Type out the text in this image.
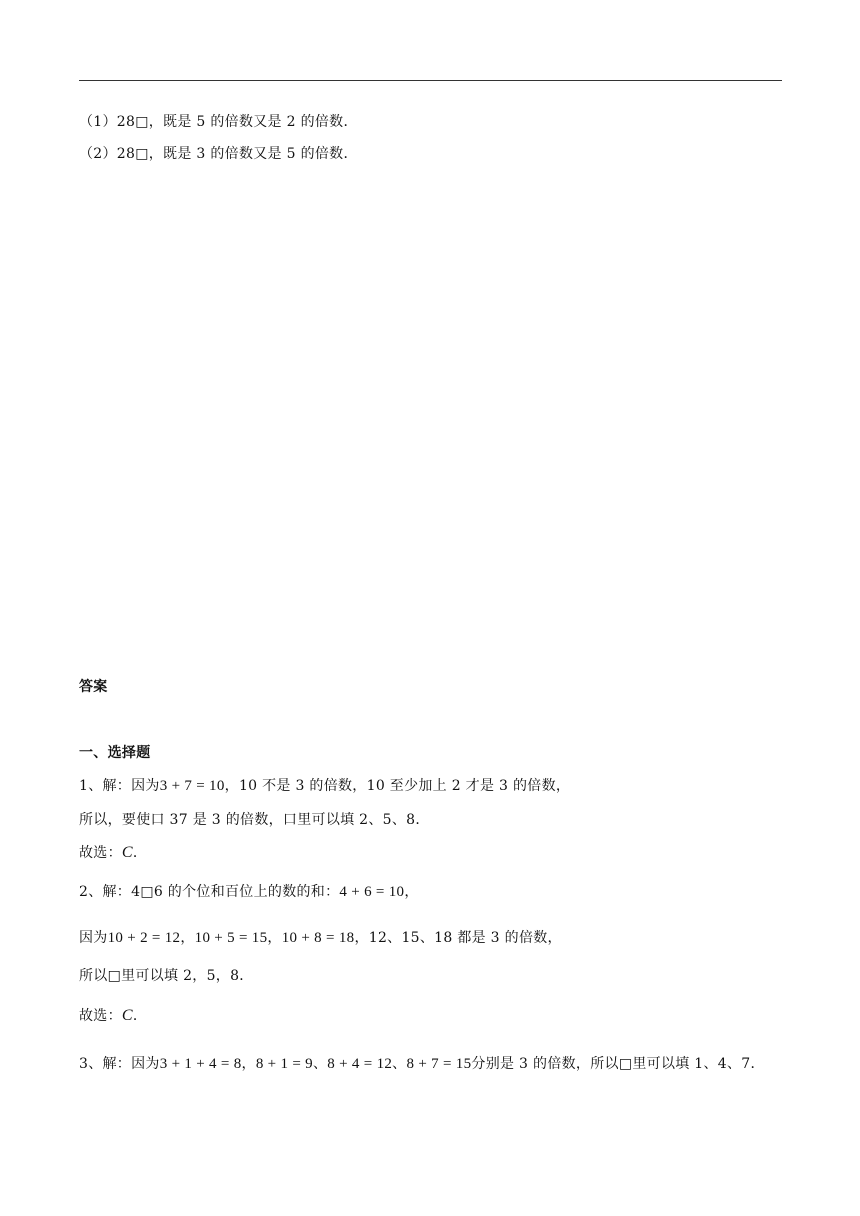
（1）28□，既是 5 的倍数又是 2 的倍数．
（2）28□，既是 3 的倍数又是 5 的倍数．
答案
一、选择题
1、解：因为3 + 7 = 10，10 不是 3 的倍数，10 至少加上 2 才是 3 的倍数，
所以，要使口 37 是 3 的倍数，口里可以填 2、5、8．
故选：C．
2、解：4□6 的个位和百位上的数的和：4 + 6 = 10，
因为10 + 2 = 12，10 + 5 = 15，10 + 8 = 18，12、15、18 都是 3 的倍数，
所以□里可以填 2，5，8．
故选：C．
3、解：因为3 + 1 + 4 = 8，8 + 1 = 9、8 + 4 = 12、8 + 7 = 15分别是 3 的倍数，所以□里可以填 1、4、7．
